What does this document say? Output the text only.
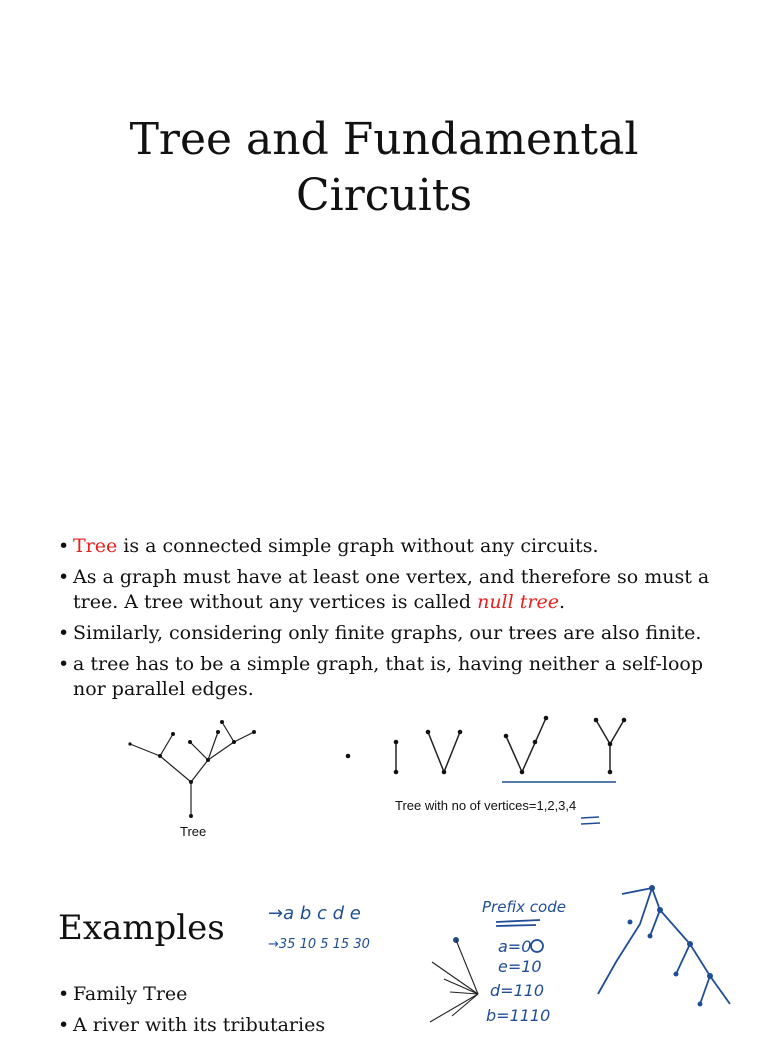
Tree and Fundamental
Circuits
• Tree is a connected simple graph without any circuits.
• As a graph must have at least one vertex, and therefore so must a tree. A tree without any vertices is called null tree.
• Similarly, considering only finite graphs, our trees are also finite.
• a tree has to be a simple graph, that is, having neither a self-loop nor parallel edges.
Tree
Tree with no of vertices=1,2,3,4
Examples
• Family Tree
• A river with its tributaries
→a b c d e
→35 10 5 15 30
Prefix code
a=0
e=10
d=110
b=1110
